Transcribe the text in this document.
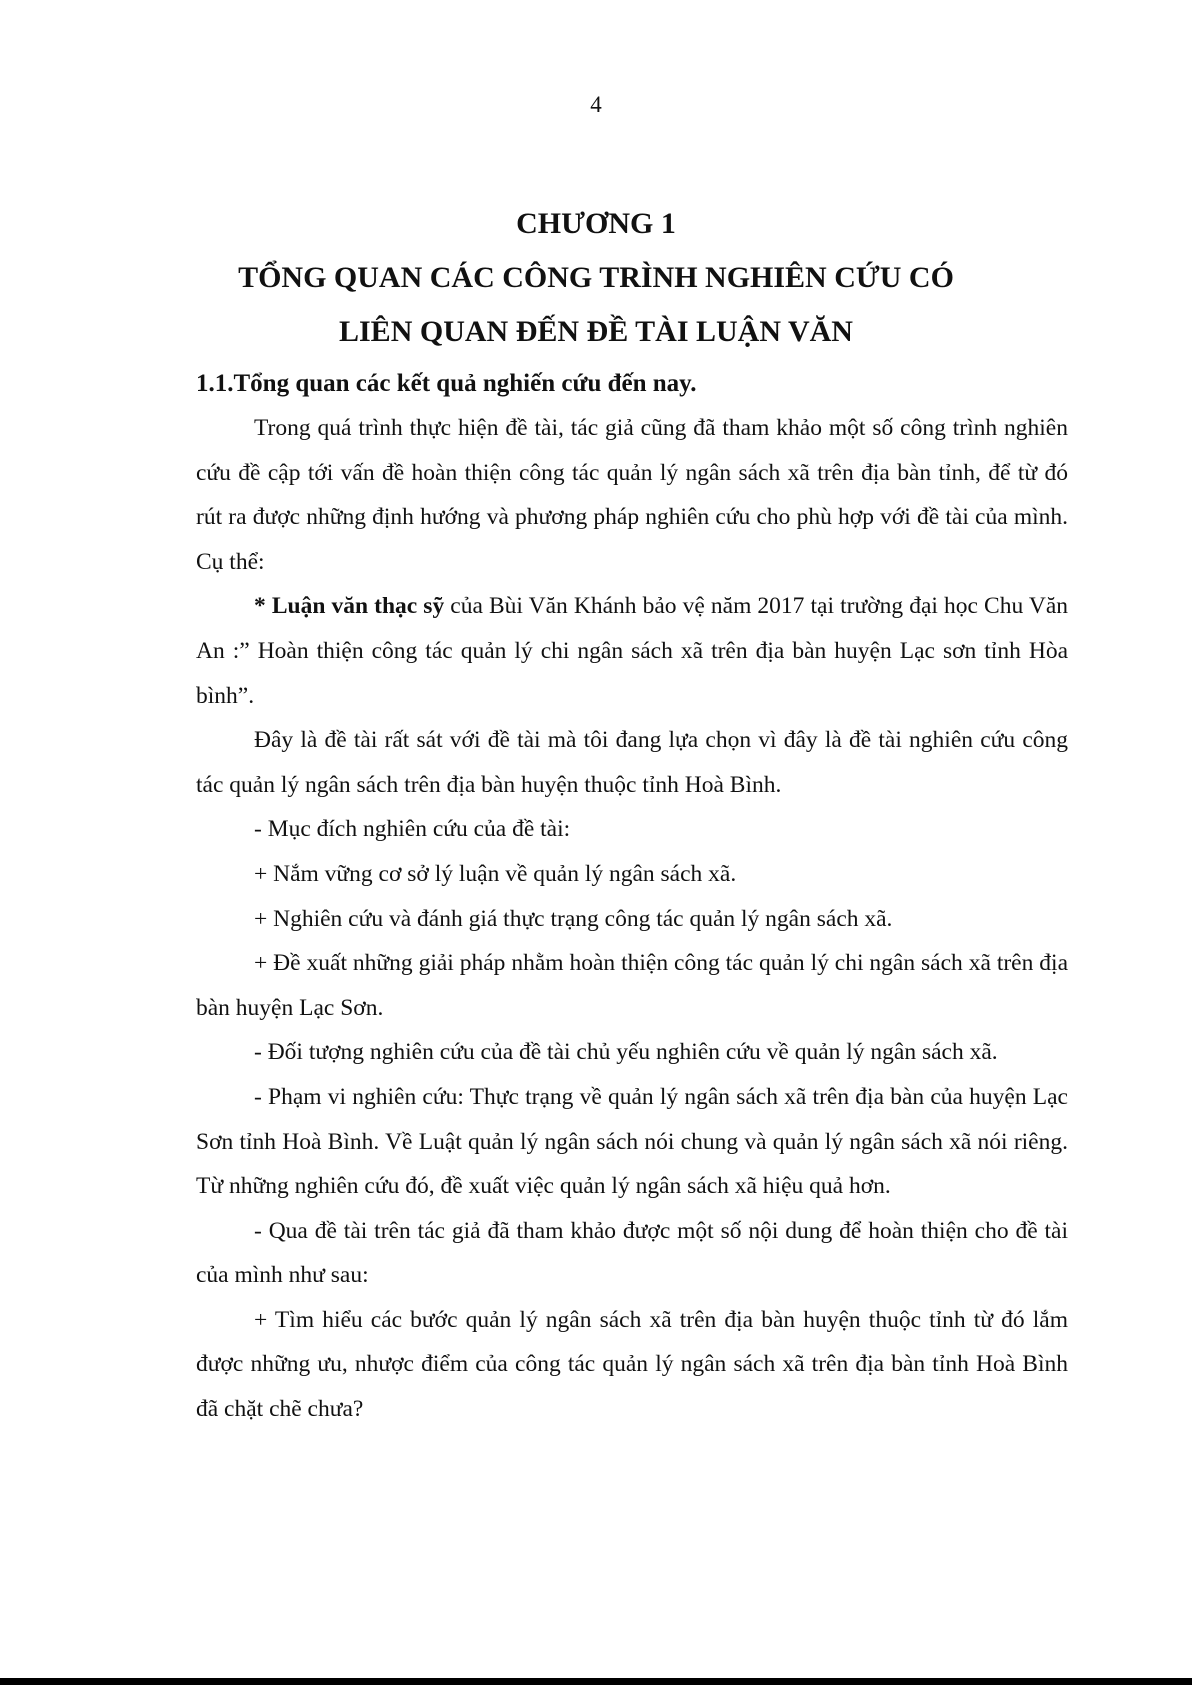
4
CHƯƠNG 1
TỔNG QUAN CÁC CÔNG TRÌNH NGHIÊN CỨU CÓ
LIÊN QUAN ĐẾN ĐỀ TÀI LUẬN VĂN

1.1.Tổng quan các kết quả nghiến cứu đến nay.

Trong quá trình thực hiện đề tài, tác giả cũng đã tham khảo một số công trình nghiên cứu đề cập tới vấn đề hoàn thiện công tác quản lý ngân sách xã trên địa bàn tỉnh, để từ đó rút ra được những định hướng và phương pháp nghiên cứu cho phù hợp với đề tài của mình. Cụ thể:

* Luận văn thạc sỹ của Bùi Văn Khánh bảo vệ năm 2017 tại trường đại học Chu Văn An :” Hoàn thiện công tác quản lý chi ngân sách xã trên địa bàn huyện Lạc sơn tỉnh Hòa bình”.

Đây là đề tài rất sát với đề tài mà tôi đang lựa chọn vì đây là đề tài nghiên cứu công tác quản lý ngân sách trên địa bàn huyện thuộc tỉnh Hoà Bình.

- Mục đích nghiên cứu của đề tài:

+ Nắm vững cơ sở lý luận về quản lý ngân sách xã.

+ Nghiên cứu và đánh giá thực trạng công tác quản lý ngân sách xã.

+ Đề xuất những giải pháp nhằm hoàn thiện công tác quản lý chi ngân sách xã trên địa bàn huyện Lạc Sơn.

- Đối tượng nghiên cứu của đề tài chủ yếu nghiên cứu về quản lý ngân sách xã.

- Phạm vi nghiên cứu: Thực trạng về quản lý ngân sách xã trên địa bàn của huyện Lạc Sơn tỉnh Hoà Bình. Về Luật quản lý ngân sách nói chung và quản lý ngân sách xã nói riêng. Từ những nghiên cứu đó, đề xuất việc quản lý ngân sách xã hiệu quả hơn.

- Qua đề tài trên tác giả đã tham khảo được một số nội dung để hoàn thiện cho đề tài của mình như sau:

+ Tìm hiểu các bước quản lý ngân sách xã trên địa bàn huyện thuộc tỉnh từ đó lắm được những ưu, nhược điểm của công tác quản lý ngân sách xã trên địa bàn tỉnh Hoà Bình đã chặt chẽ chưa?
